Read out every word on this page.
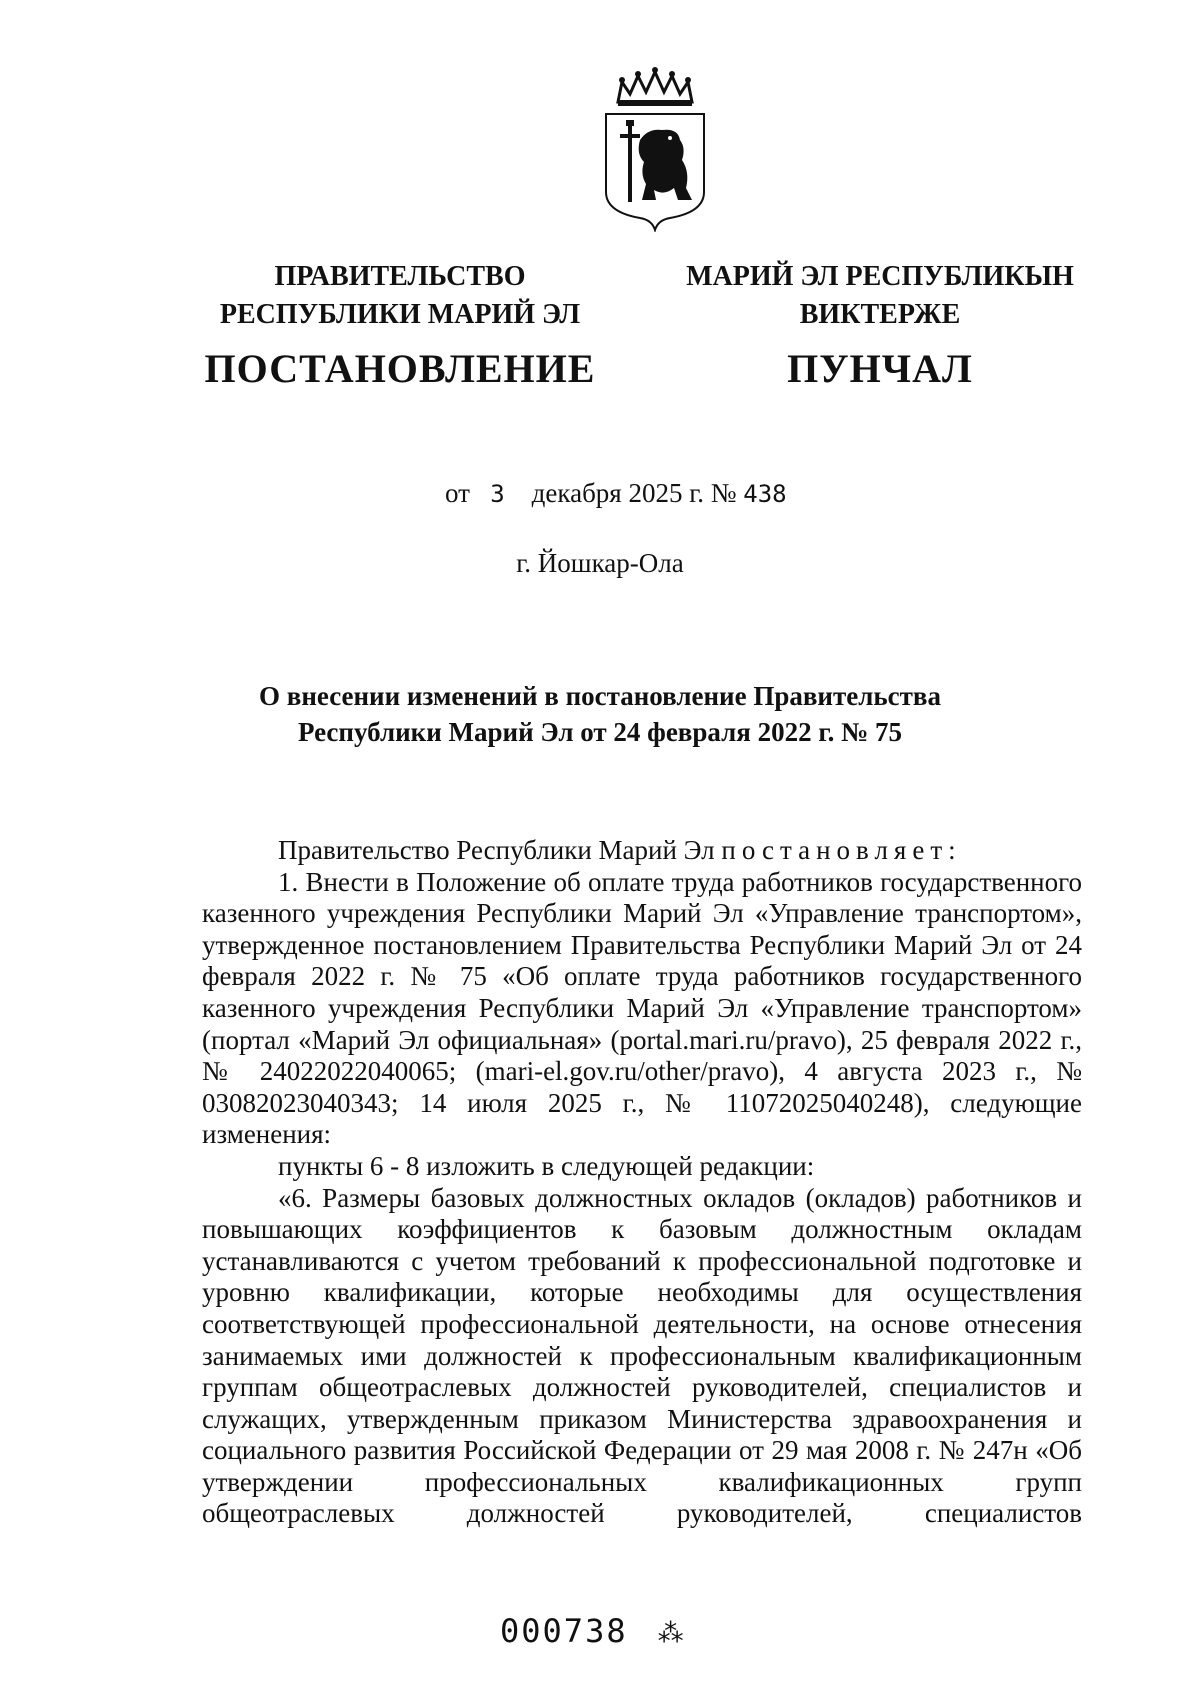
ПРАВИТЕЛЬСТВО
РЕСПУБЛИКИ МАРИЙ ЭЛ
ПОСТАНОВЛЕНИЕ
МАРИЙ ЭЛ РЕСПУБЛИКЫН
ВИКТЕРЖЕ
ПУНЧАЛ
от 3 декабря 2025 г. № 438
г. Йошкар-Ола
О внесении изменений в постановление Правительства
Республики Марий Эл от 24 февраля 2022 г. № 75

Правительство Республики Марий Эл постановляет:

1. Внести в Положение об оплате труда работников государственного казенного учреждения Республики Марий Эл «Управление транспортом», утвержденное постановлением Правительства Республики Марий Эл от 24 февраля 2022 г. № 75 «Об оплате труда работников государственного казенного учреждения Республики Марий Эл «Управление транспортом» (портал «Марий Эл официальная» (portal.mari.ru/pravo), 25 февраля 2022 г., № 24022022040065; (mari-el.gov.ru/other/pravo), 4 августа 2023 г., № 03082023040343; 14 июля 2025 г., № 11072025040248), следующие изменения:

пункты 6 - 8 изложить в следующей редакции:

«6. Размеры базовых должностных окладов (окладов) работников и повышающих коэффициентов к базовым должностным окладам устанавливаются с учетом требований к профессиональной подготовке и уровню квалификации, которые необходимы для осуществления соответствующей профессиональной деятельности, на основе отнесения занимаемых ими должностей к профессиональным квалификационным группам общеотраслевых должностей руководителей, специалистов и служащих, утвержденным приказом Министерства здравоохранения и социального развития Российской Федерации от 29 мая 2008 г. № 247н «Об утверждении профессиональных квалификационных групп общеотраслевых должностей руководителей, специалистов

000738 ⁂
